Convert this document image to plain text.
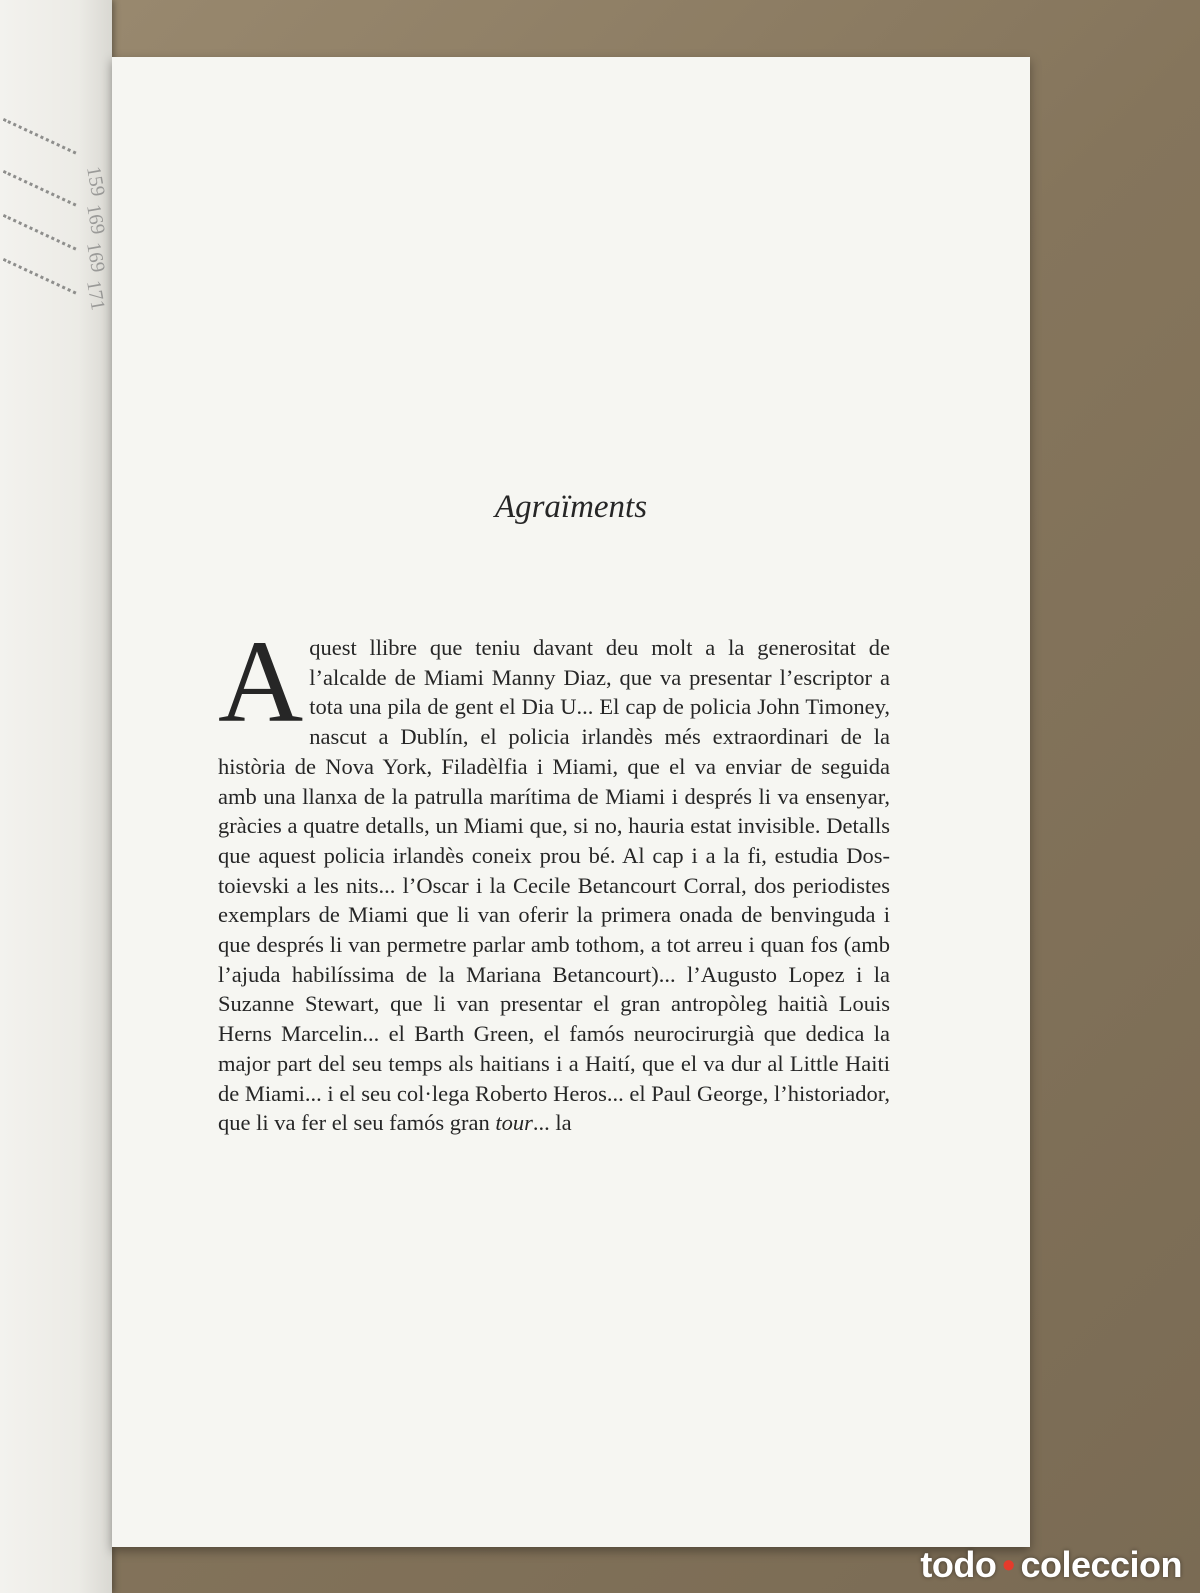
159
169
169
171
Agraïments
Aquest llibre que teniu davant deu molt a la generositat de l’alcalde de Miami Manny Diaz, que va presentar l’escriptor a tota una pila de gent el Dia U... El cap de policia John Timoney, nascut a Dublín, el policia irlandès més extraordinari de la història de Nova York, Filadèlfia i Miami, que el va enviar de seguida amb una llanxa de la patrulla marítima de Miami i després li va ensenyar, gràcies a quatre detalls, un Miami que, si no, hauria estat invisible. Detalls que aquest policia irlandès coneix prou bé. Al cap i a la fi, estudia Dostoievski a les nits... l’Oscar i la Cecile Betancourt Corral, dos periodistes exemplars de Miami que li van oferir la primera onada de benvinguda i que després li van permetre parlar amb tothom, a tot arreu i quan fos (amb l’ajuda habilíssima de la Mariana Betancourt)... l’Augusto Lopez i la Suzanne Stewart, que li van presentar el gran antropòleg haitià Louis Herns Marcelin... el Barth Green, el famós neurocirurgià que dedica la major part del seu temps als haitians i a Haití, que el va dur al Little Haiti de Miami... i el seu col·lega Roberto Heros... el Paul George, l’historiador, que li va fer el seu famós gran tour... la
todo • coleccion
